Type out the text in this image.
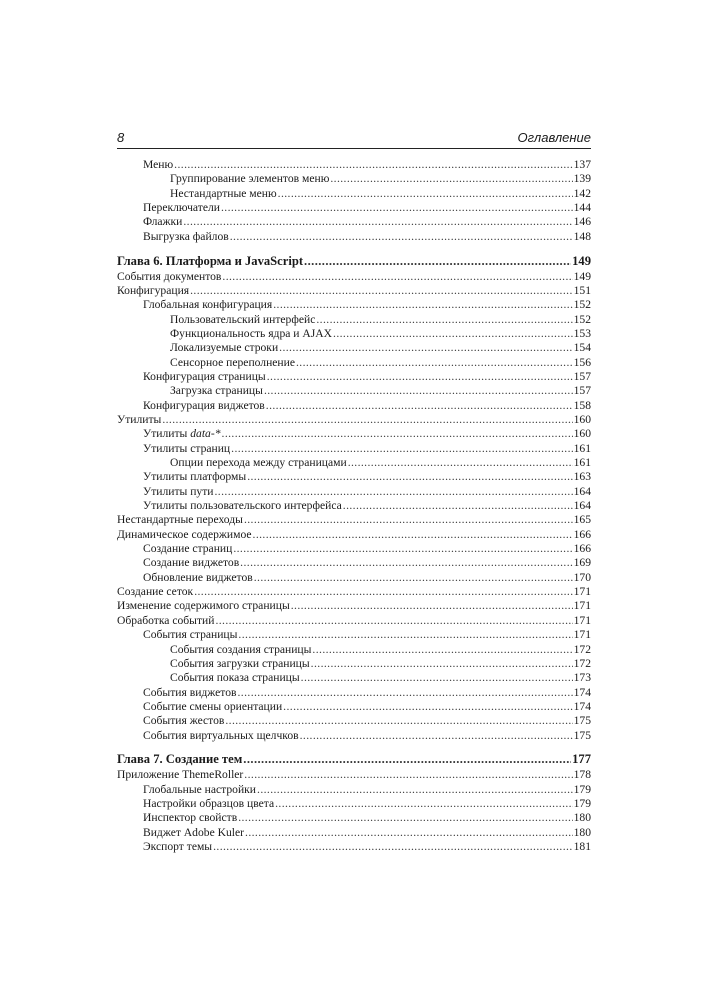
8	Оглавление
Меню .....	137
Группирование элементов меню .....	139
Нестандартные меню .....	142
Переключатели .....	144
Флажки .....	146
Выгрузка файлов .....	148
Глава 6. Платформа и JavaScript .....	149
События документов .....	149
Конфигурация .....	151
Глобальная конфигурация .....	152
Пользовательский интерфейс .....	152
Функциональность ядра и AJAX .....	153
Локализуемые строки .....	154
Сенсорное переполнение .....	156
Конфигурация страницы .....	157
Загрузка страницы .....	157
Конфигурация виджетов .....	158
Утилиты .....	160
Утилиты data-* .....	160
Утилиты страниц .....	161
Опции перехода между страницами .....	161
Утилиты платформы .....	163
Утилиты пути .....	164
Утилиты пользовательского интерфейса .....	164
Нестандартные переходы .....	165
Динамическое содержимое .....	166
Создание страниц .....	166
Создание виджетов .....	169
Обновление виджетов .....	170
Создание сеток .....	171
Изменение содержимого страницы .....	171
Обработка событий .....	171
События страницы .....	171
События создания страницы .....	172
События загрузки страницы .....	172
События показа страницы .....	173
События виджетов .....	174
Событие смены ориентации .....	174
События жестов .....	175
События виртуальных щелчков .....	175
Глава 7. Создание тем .....	177
Приложение ThemeRoller .....	178
Глобальные настройки .....	179
Настройки образцов цвета .....	179
Инспектор свойств .....	180
Виджет Adobe Kuler .....	180
Экспорт темы .....	181
